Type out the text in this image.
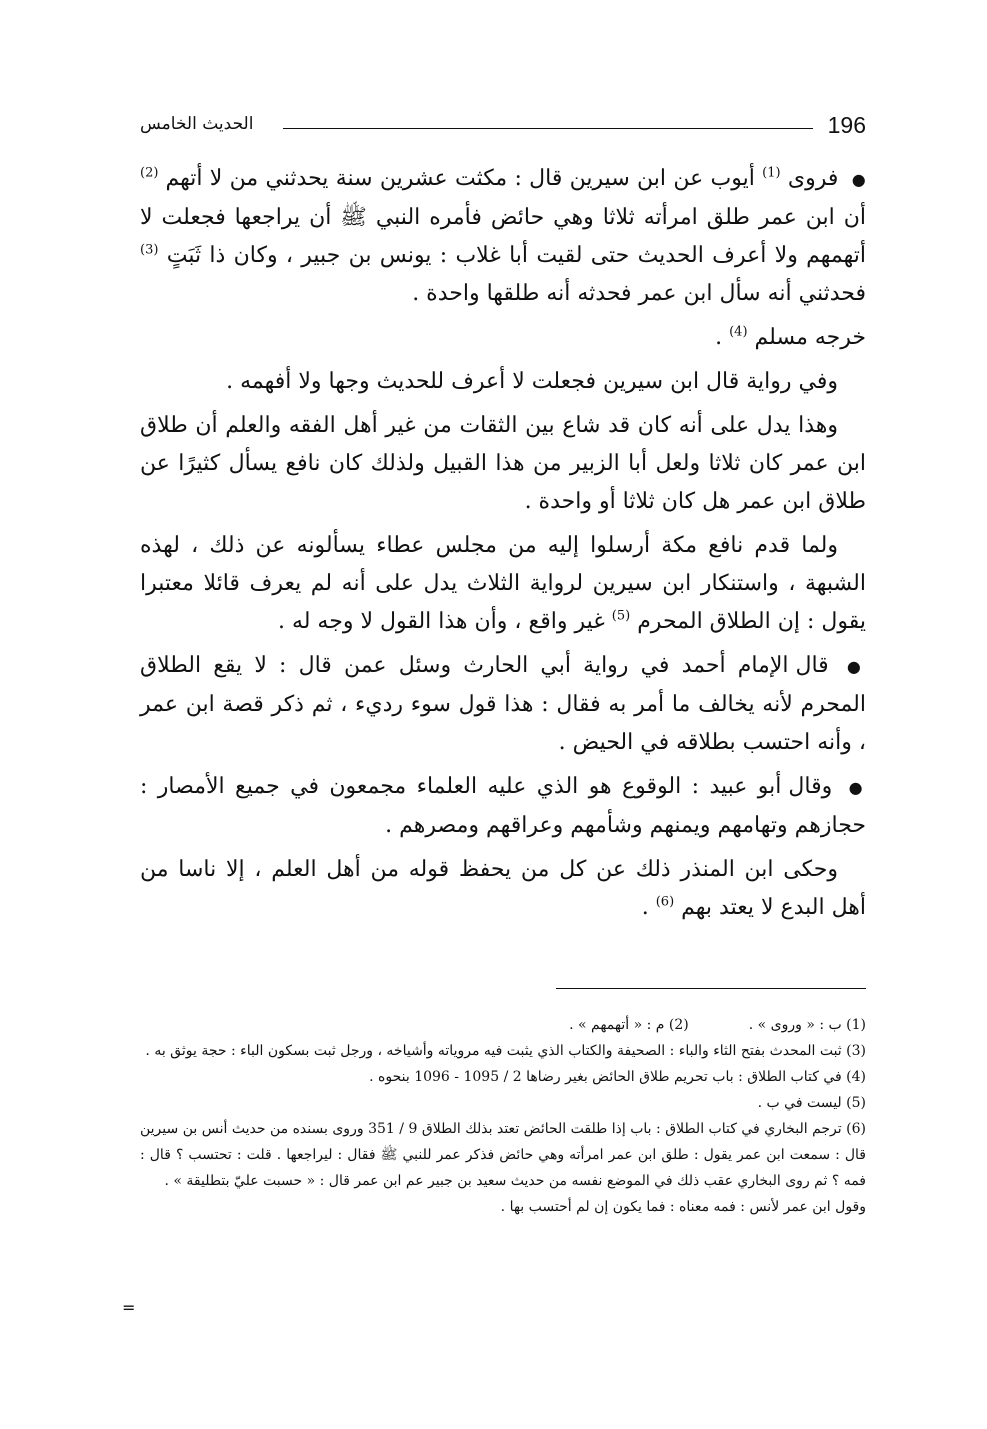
196
الحديث الخامس

● فروى $^{(1)}$ أيوب عن ابن سيرين قال : مكثت عشرين سنة يحدثني من لا أتهم $^{(2)}$ أن ابن عمر طلق امرأته ثلاثا وهي حائض فأمره النبي ﷺ أن يراجعها فجعلت لا أتهمهم ولا أعرف الحديث حتى لقيت أبا غلاب : يونس بن جبير ، وكان ذا ثَبَتٍ $^{(3)}$ فحدثني أنه سأل ابن عمر فحدثه أنه طلقها واحدة .

خرجه مسلم $^{(4)}$ .

وفي رواية قال ابن سيرين فجعلت لا أعرف للحديث وجها ولا أفهمه .

وهذا يدل على أنه كان قد شاع بين الثقات من غير أهل الفقه والعلم أن طلاق ابن عمر كان ثلاثا ولعل أبا الزبير من هذا القبيل ولذلك كان نافع يسأل كثيرًا عن طلاق ابن عمر هل كان ثلاثا أو واحدة .

ولما قدم نافع مكة أرسلوا إليه من مجلس عطاء يسألونه عن ذلك ، لهذه الشبهة ، واستنكار ابن سيرين لرواية الثلاث يدل على أنه لم يعرف قائلا معتبرا يقول : إن الطلاق المحرم $^{(5)}$ غير واقع ، وأن هذا القول لا وجه له .

● قال الإمام أحمد في رواية أبي الحارث وسئل عمن قال : لا يقع الطلاق المحرم لأنه يخالف ما أمر به فقال : هذا قول سوء رديء ، ثم ذكر قصة ابن عمر ، وأنه احتسب بطلاقه في الحيض .

● وقال أبو عبيد : الوقوع هو الذي عليه العلماء مجمعون في جميع الأمصار : حجازهم وتهامهم ويمنهم وشأمهم وعراقهم ومصرهم .

وحكى ابن المنذر ذلك عن كل من يحفظ قوله من أهل العلم ، إلا ناسا من أهل البدع لا يعتد بهم $^{(6)}$ .

(1) ب : « وروى » .
(2) م : « أتهمهم » .

(3) ثبت المحدث بفتح الثاء والباء : الصحيفة والكتاب الذي يثبت فيه مروياته وأشياخه ، ورجل ثبت بسكون الباء : حجة يوثق به .

(4) في كتاب الطلاق : باب تحريم طلاق الحائض بغير رضاها 2 / 1095 - 1096 بنحوه .

(5) ليست في ب .

(6) ترجم البخاري في كتاب الطلاق : باب إذا طلقت الحائض تعتد بذلك الطلاق 9 / 351 وروى بسنده من حديث أنس بن سيرين قال : سمعت ابن عمر يقول : طلق ابن عمر امرأته وهي حائض فذكر عمر للنبي ﷺ فقال : ليراجعها . قلت : تحتسب ؟ قال : فمه ؟ ثم روى البخاري عقب ذلك في الموضع نفسه من حديث سعيد بن جبير عم ابن عمر قال : « حسبت عليّ بتطليقة » .

وقول ابن عمر لأنس : فمه معناه : فما يكون إن لم أحتسب بها .

=
